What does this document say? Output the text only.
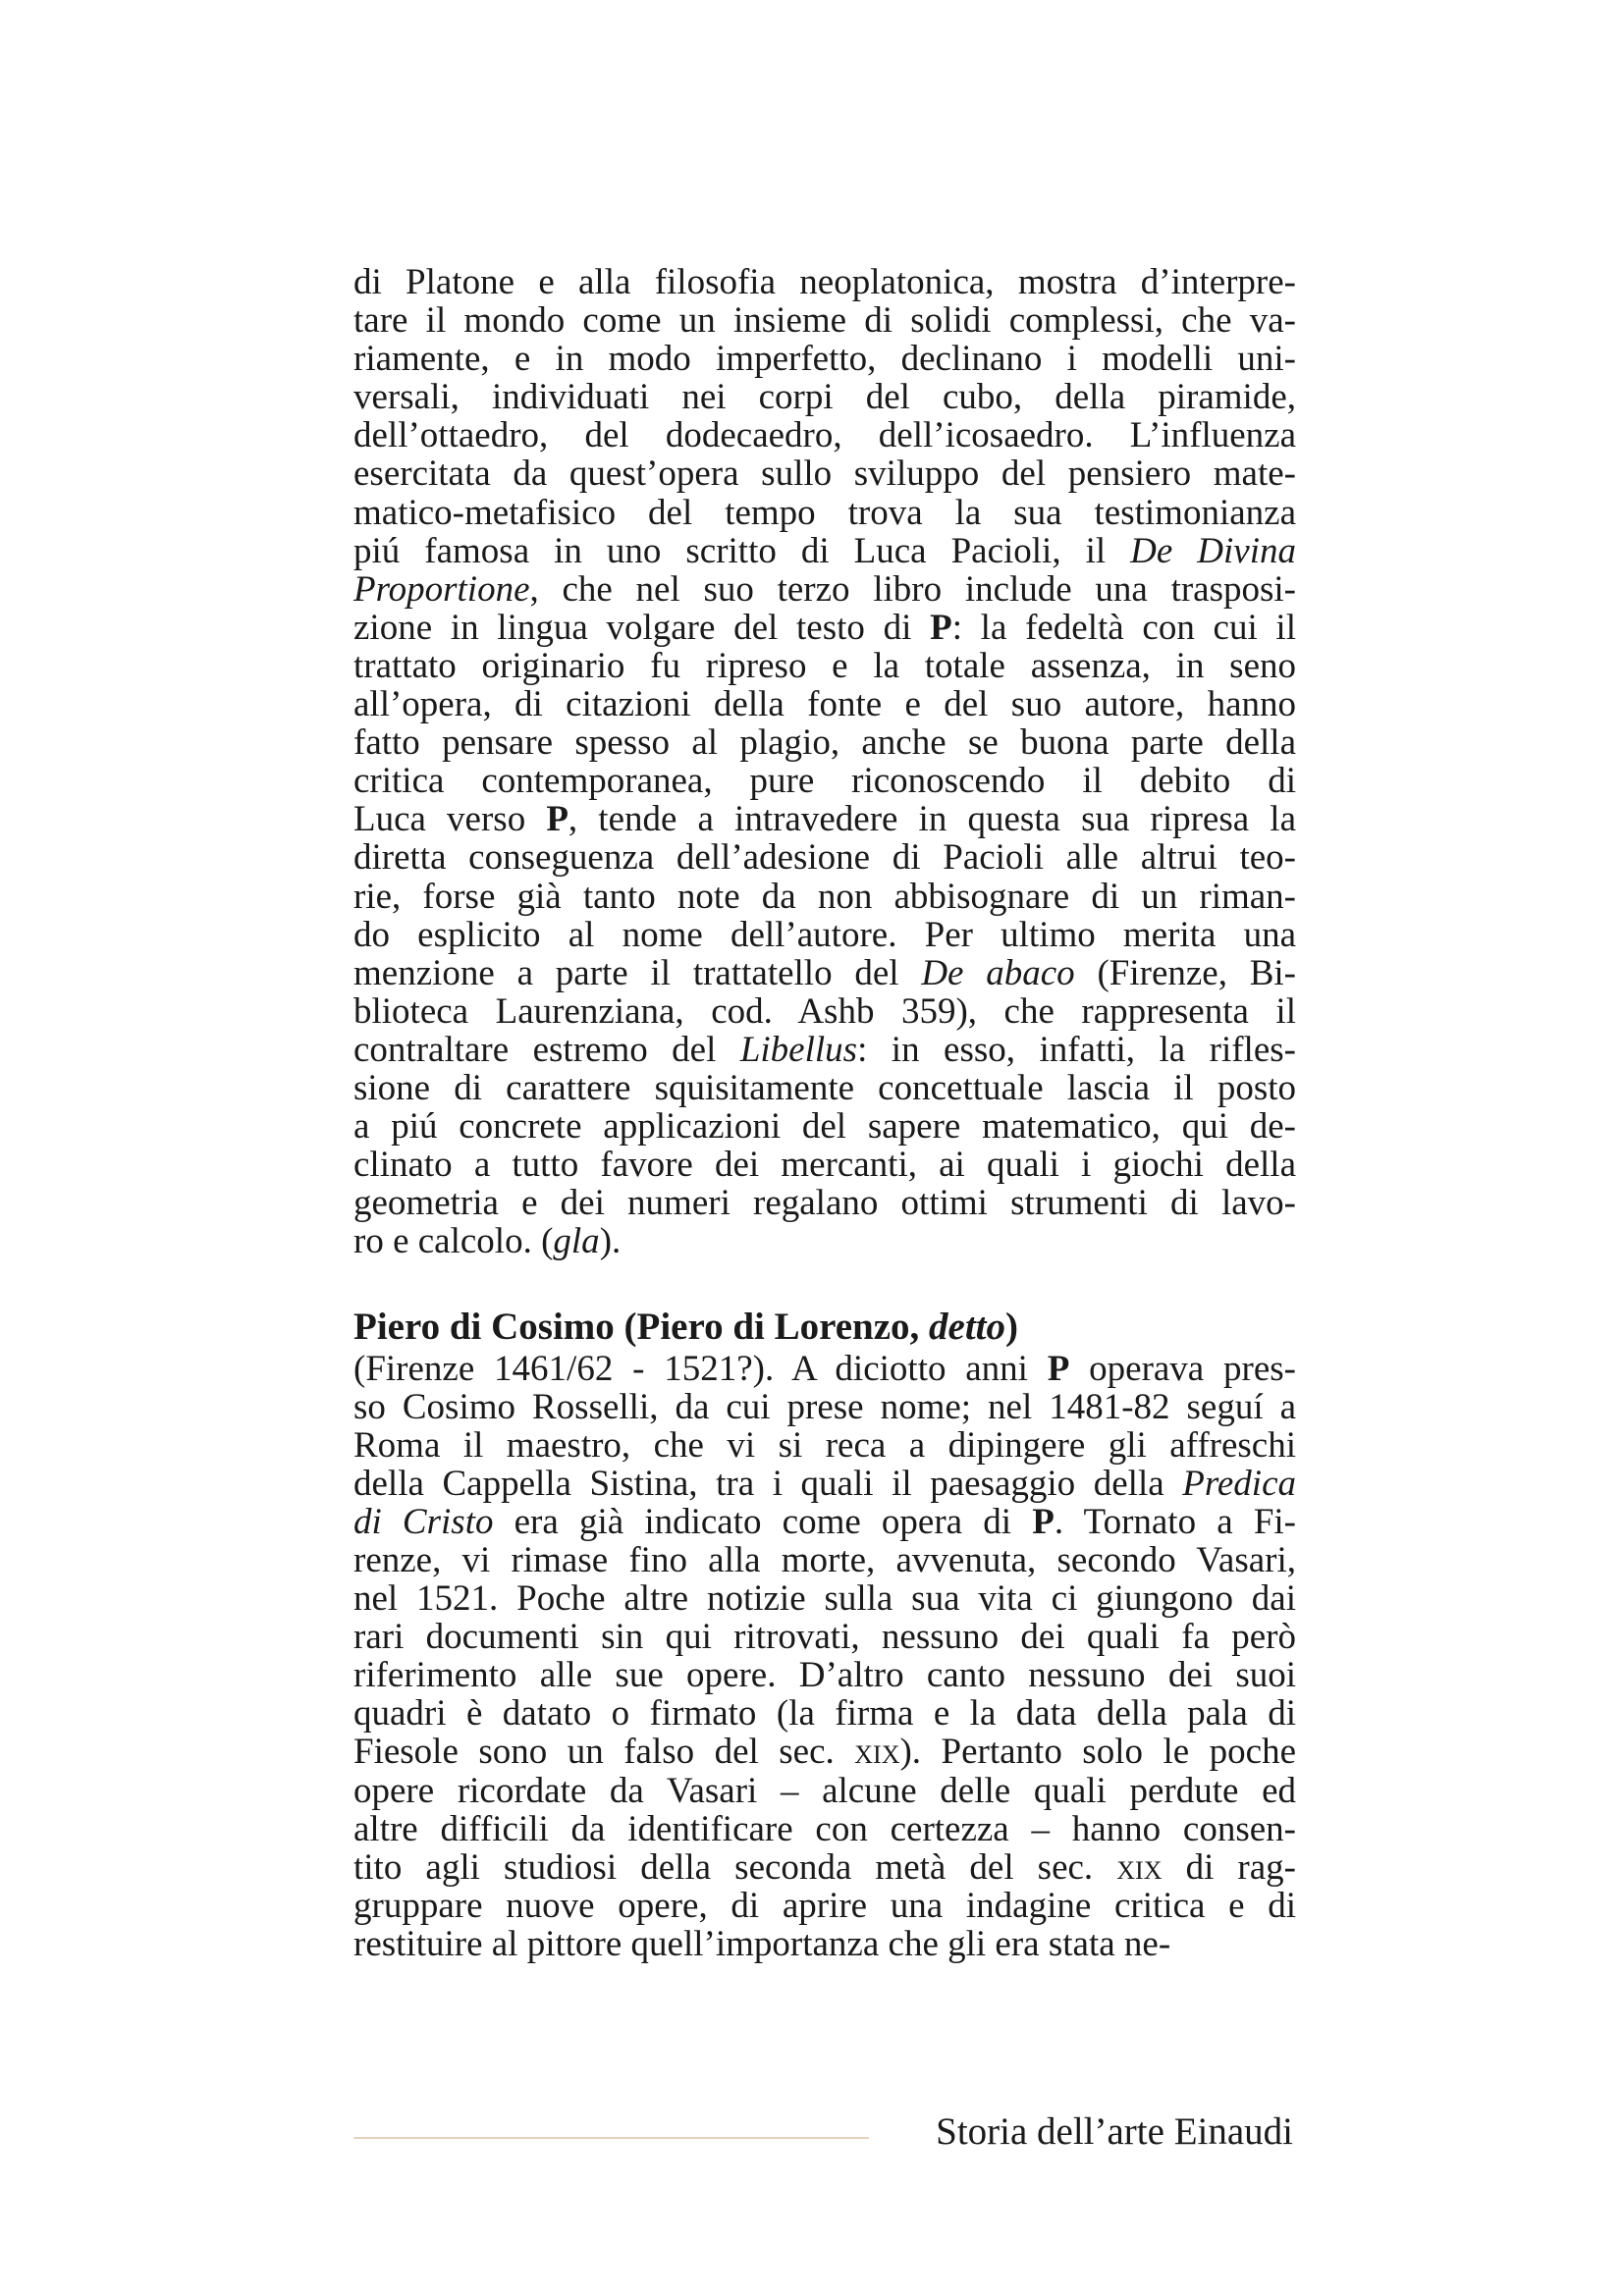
di Platone e alla filosofia neoplatonica, mostra d’interpre-
tare il mondo come un insieme di solidi complessi, che va-
riamente, e in modo imperfetto, declinano i modelli uni-
versali, individuati nei corpi del cubo, della piramide,
dell’ottaedro, del dodecaedro, dell’icosaedro. L’influenza
esercitata da quest’opera sullo sviluppo del pensiero mate-
matico-metafisico del tempo trova la sua testimonianza
piú famosa in uno scritto di Luca Pacioli, il De Divina
Proportione, che nel suo terzo libro include una trasposi-
zione in lingua volgare del testo di P: la fedeltà con cui il
trattato originario fu ripreso e la totale assenza, in seno
all’opera, di citazioni della fonte e del suo autore, hanno
fatto pensare spesso al plagio, anche se buona parte della
critica contemporanea, pure riconoscendo il debito di
Luca verso P, tende a intravedere in questa sua ripresa la
diretta conseguenza dell’adesione di Pacioli alle altrui teo-
rie, forse già tanto note da non abbisognare di un riman-
do esplicito al nome dell’autore. Per ultimo merita una
menzione a parte il trattatello del De abaco (Firenze, Bi-
blioteca Laurenziana, cod. Ashb 359), che rappresenta il
contraltare estremo del Libellus: in esso, infatti, la rifles-
sione di carattere squisitamente concettuale lascia il posto
a piú concrete applicazioni del sapere matematico, qui de-
clinato a tutto favore dei mercanti, ai quali i giochi della
geometria e dei numeri regalano ottimi strumenti di lavo-
ro e calcolo. (gla).
Piero di Cosimo (Piero di Lorenzo, detto)
(Firenze 1461/62 - 1521?). A diciotto anni P operava pres-
so Cosimo Rosselli, da cui prese nome; nel 1481-82 seguí a
Roma il maestro, che vi si reca a dipingere gli affreschi
della Cappella Sistina, tra i quali il paesaggio della Predica
di Cristo era già indicato come opera di P. Tornato a Fi-
renze, vi rimase fino alla morte, avvenuta, secondo Vasari,
nel 1521. Poche altre notizie sulla sua vita ci giungono dai
rari documenti sin qui ritrovati, nessuno dei quali fa però
riferimento alle sue opere. D’altro canto nessuno dei suoi
quadri è datato o firmato (la firma e la data della pala di
Fiesole sono un falso del sec. xix). Pertanto solo le poche
opere ricordate da Vasari – alcune delle quali perdute ed
altre difficili da identificare con certezza – hanno consen-
tito agli studiosi della seconda metà del sec. xix di rag-
gruppare nuove opere, di aprire una indagine critica e di
restituire al pittore quell’importanza che gli era stata ne-
Storia dell’arte Einaudi
